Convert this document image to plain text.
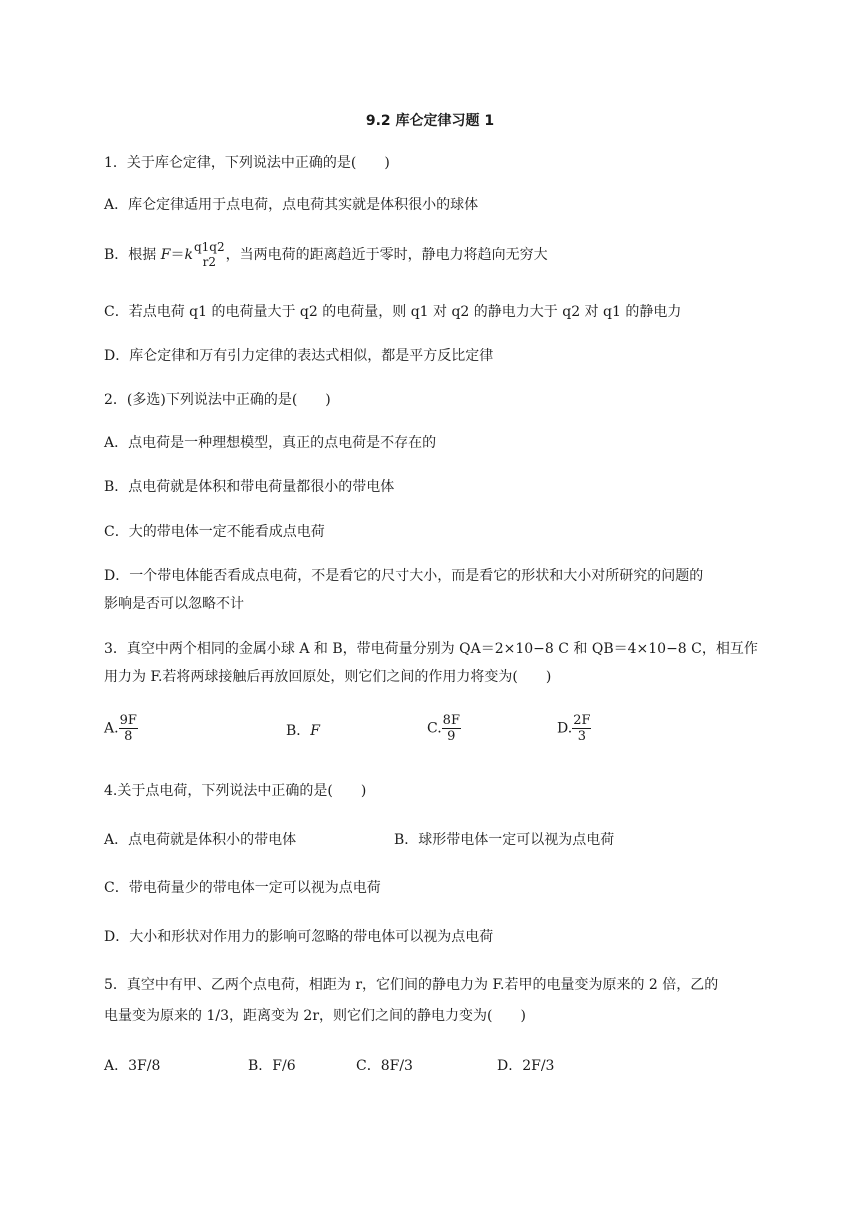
9.2 库仑定律习题 1
1．关于库仑定律，下列说法中正确的是(　　)
A．库仑定律适用于点电荷，点电荷其实就是体积很小的球体
B．根据 F＝k q1q2
r2 ，当两电荷的距离趋近于零时，静电力将趋向无穷大
C．若点电荷 q1 的电荷量大于 q2 的电荷量，则 q1 对 q2 的静电力大于 q2 对 q1 的静电力
D．库仑定律和万有引力定律的表达式相似，都是平方反比定律
2．(多选)下列说法中正确的是(　　)
A．点电荷是一种理想模型，真正的点电荷是不存在的
B．点电荷就是体积和带电荷量都很小的带电体
C．大的带电体一定不能看成点电荷
D．一个带电体能否看成点电荷，不是看它的尺寸大小，而是看它的形状和大小对所研究的问题的
影响是否可以忽略不计
3．真空中两个相同的金属小球 A 和 B，带电荷量分别为 QA＝2×10−8 C 和 QB＝4×10−8 C，相互作
用力为 F.若将两球接触后再放回原处，则它们之间的作用力将变为(　　)
A. $\frac{9F}{8}$	B．F	C. $\frac{8F}{9}$	D. $\frac{2F}{3}$
4.关于点电荷，下列说法中正确的是(　　)
A．点电荷就是体积小的带电体	B．球形带电体一定可以视为点电荷
C．带电荷量少的带电体一定可以视为点电荷
D．大小和形状对作用力的影响可忽略的带电体可以视为点电荷
5．真空中有甲、乙两个点电荷，相距为 r，它们间的静电力为 F.若甲的电量变为原来的 2 倍，乙的
电量变为原来的 1/3，距离变为 2r，则它们之间的静电力变为(　　)
A．3F/8	B．F/6	C．8F/3	D．2F/3
